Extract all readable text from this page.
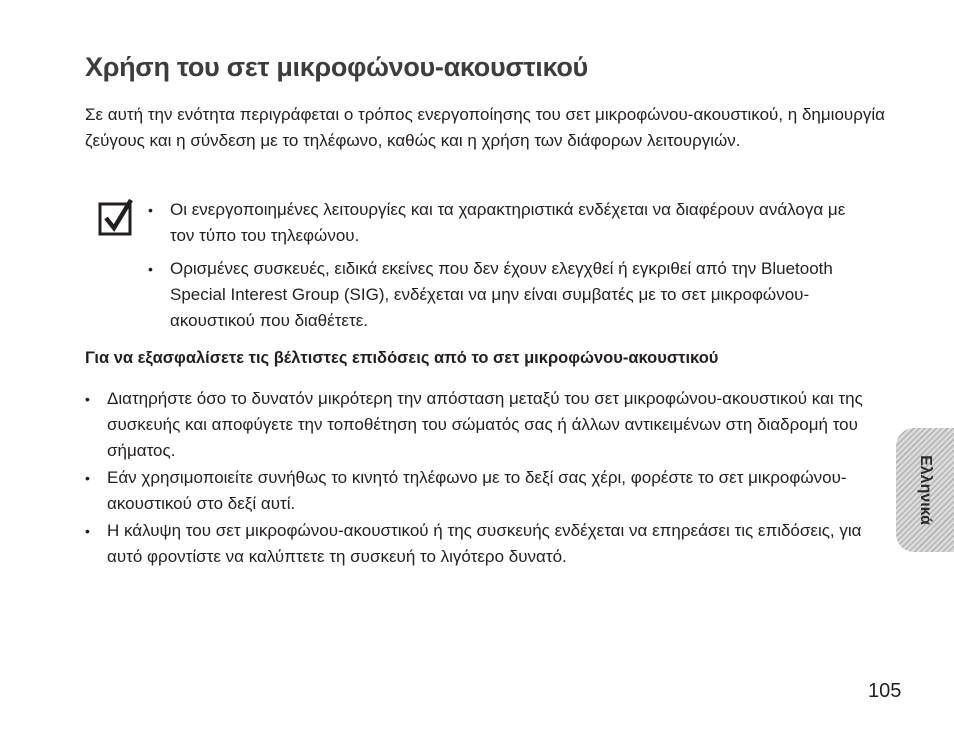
Χρήση του σετ μικροφώνου-ακουστικού

Σε αυτή την ενότητα περιγράφεται ο τρόπος ενεργοποίησης του σετ μικροφώνου-ακουστικού, η δημιουργία ζεύγους και η σύνδεση με το τηλέφωνο, καθώς και η χρήση των διάφορων λειτουργιών.

• Οι ενεργοποιημένες λειτουργίες και τα χαρακτηριστικά ενδέχεται να διαφέρουν ανάλογα με τον τύπο του τηλεφώνου.
• Ορισμένες συσκευές, ειδικά εκείνες που δεν έχουν ελεγχθεί ή εγκριθεί από την Bluetooth Special Interest Group (SIG), ενδέχεται να μην είναι συμβατές με το σετ μικροφώνου-ακουστικού που διαθέτετε.
Για να εξασφαλίσετε τις βέλτιστες επιδόσεις από το σετ μικροφώνου-ακουστικού
• Διατηρήστε όσο το δυνατόν μικρότερη την απόσταση μεταξύ του σετ μικροφώνου-ακουστικού και της συσκευής και αποφύγετε την τοποθέτηση του σώματός σας ή άλλων αντικειμένων στη διαδρομή του σήματος.
• Εάν χρησιμοποιείτε συνήθως το κινητό τηλέφωνο με το δεξί σας χέρι, φορέστε το σετ μικροφώνου-ακουστικού στο δεξί αυτί.
• Η κάλυψη του σετ μικροφώνου-ακουστικού ή της συσκευής ενδέχεται να επηρεάσει τις επιδόσεις, για αυτό φροντίστε να καλύπτετε τη συσκευή το λιγότερο δυνατό.
Ελληνικά
105
